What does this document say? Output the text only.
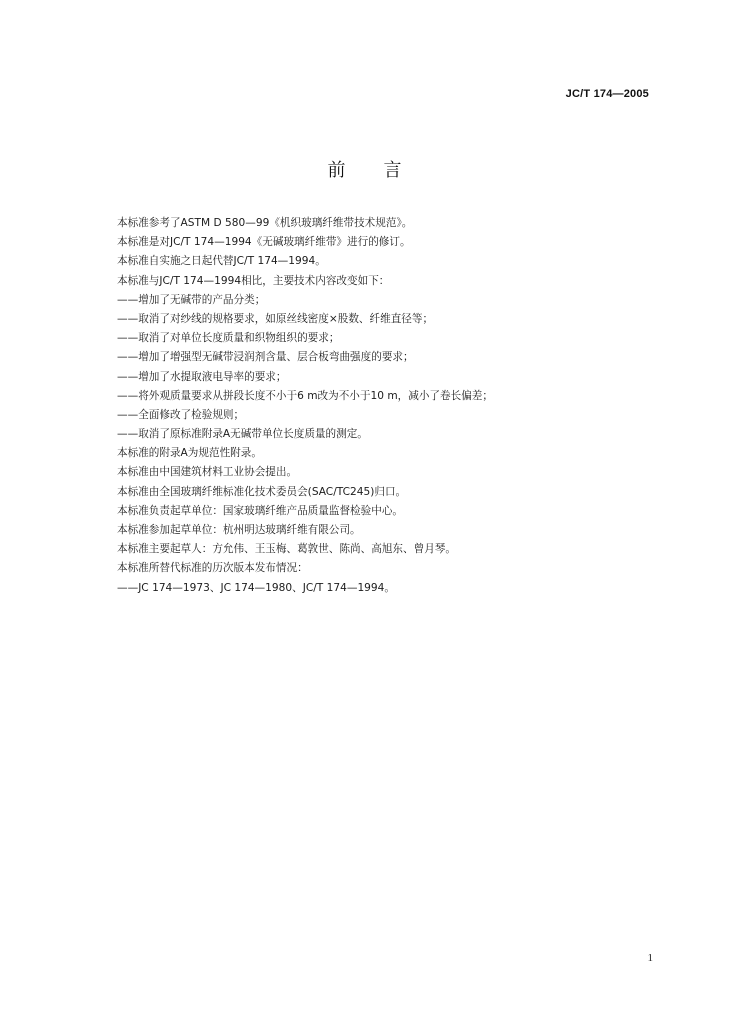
JC/T 174—2005
前言
本标准参考了ASTM D 580—99《机织玻璃纤维带技术规范》。
本标准是对JC/T 174—1994《无碱玻璃纤维带》进行的修订。
本标准自实施之日起代替JC/T 174—1994。
本标准与JC/T 174—1994相比，主要技术内容改变如下：
——增加了无碱带的产品分类；
——取消了对纱线的规格要求，如原丝线密度×股数、纤维直径等；
——取消了对单位长度质量和织物组织的要求；
——增加了增强型无碱带浸润剂含量、层合板弯曲强度的要求；
——增加了水提取液电导率的要求；
——将外观质量要求从拼段长度不小于6 m改为不小于10 m，减小了卷长偏差；
——全面修改了检验规则；
——取消了原标准附录A无碱带单位长度质量的测定。
本标准的附录A为规范性附录。
本标准由中国建筑材料工业协会提出。
本标准由全国玻璃纤维标准化技术委员会(SAC/TC245)归口。
本标准负责起草单位：国家玻璃纤维产品质量监督检验中心。
本标准参加起草单位：杭州明达玻璃纤维有限公司。
本标准主要起草人：方允伟、王玉梅、葛敦世、陈尚、高旭东、曾月琴。
本标准所替代标准的历次版本发布情况：
——JC 174—1973、JC 174—1980、JC/T 174—1994。
1
